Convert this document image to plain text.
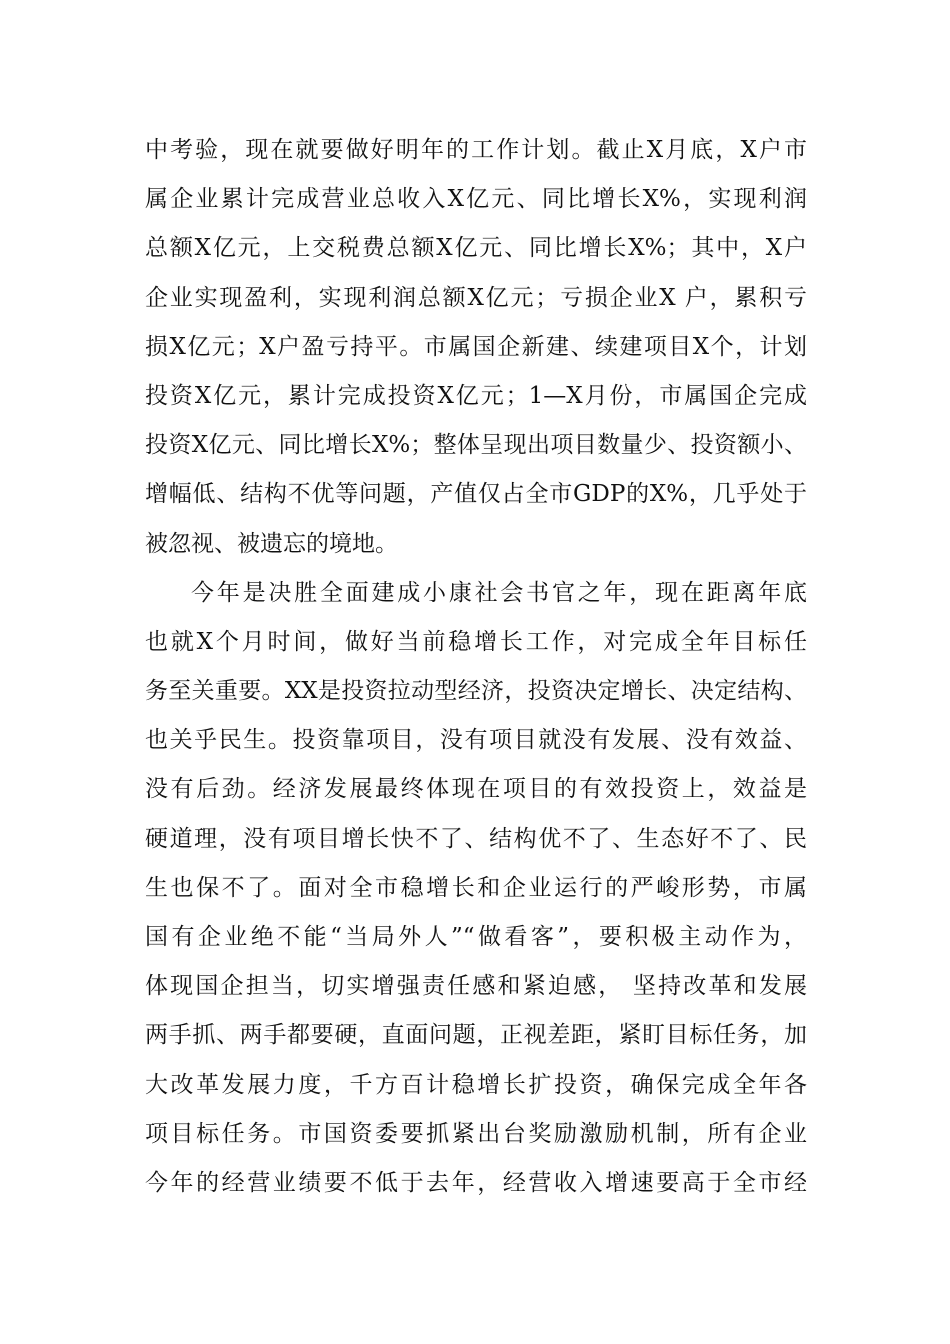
中考验，现在就要做好明年的工作计划。截止X月底，X户市
属企业累计完成营业总收入X亿元、同比增长X%，实现利润
总额X亿元，上交税费总额X亿元、同比增长X%；其中，X户
企业实现盈利，实现利润总额X亿元；亏损企业X 户，累积亏
损X亿元；X户盈亏持平。市属国企新建、续建项目X个，计划
投资X亿元，累计完成投资X亿元；1—X月份，市属国企完成
投资X亿元、同比增长X%；整体呈现出项目数量少、投资额小、
增幅低、结构不优等问题，产值仅占全市GDP的X%，几乎处于
被忽视、被遗忘的境地。
今年是决胜全面建成小康社会书官之年，现在距离年底
也就X个月时间，做好当前稳增长工作，对完成全年目标任
务至关重要。XX是投资拉动型经济，投资决定增长、决定结构、
也关乎民生。投资靠项目，没有项目就没有发展、没有效益、
没有后劲。经济发展最终体现在项目的有效投资上，效益是
硬道理，没有项目增长快不了、结构优不了、生态好不了、民
生也保不了。面对全市稳增长和企业运行的严峻形势，市属
国有企业绝不能“当局外人”“做看客”，要积极主动作为，
体现国企担当，切实增强责任感和紧迫感， 坚持改革和发展
两手抓、两手都要硬，直面问题，正视差距，紧盯目标任务，加
大改革发展力度，千方百计稳增长扩投资，确保完成全年各
项目标任务。市国资委要抓紧出台奖励激励机制，所有企业
今年的经营业绩要不低于去年，经营收入增速要高于全市经
